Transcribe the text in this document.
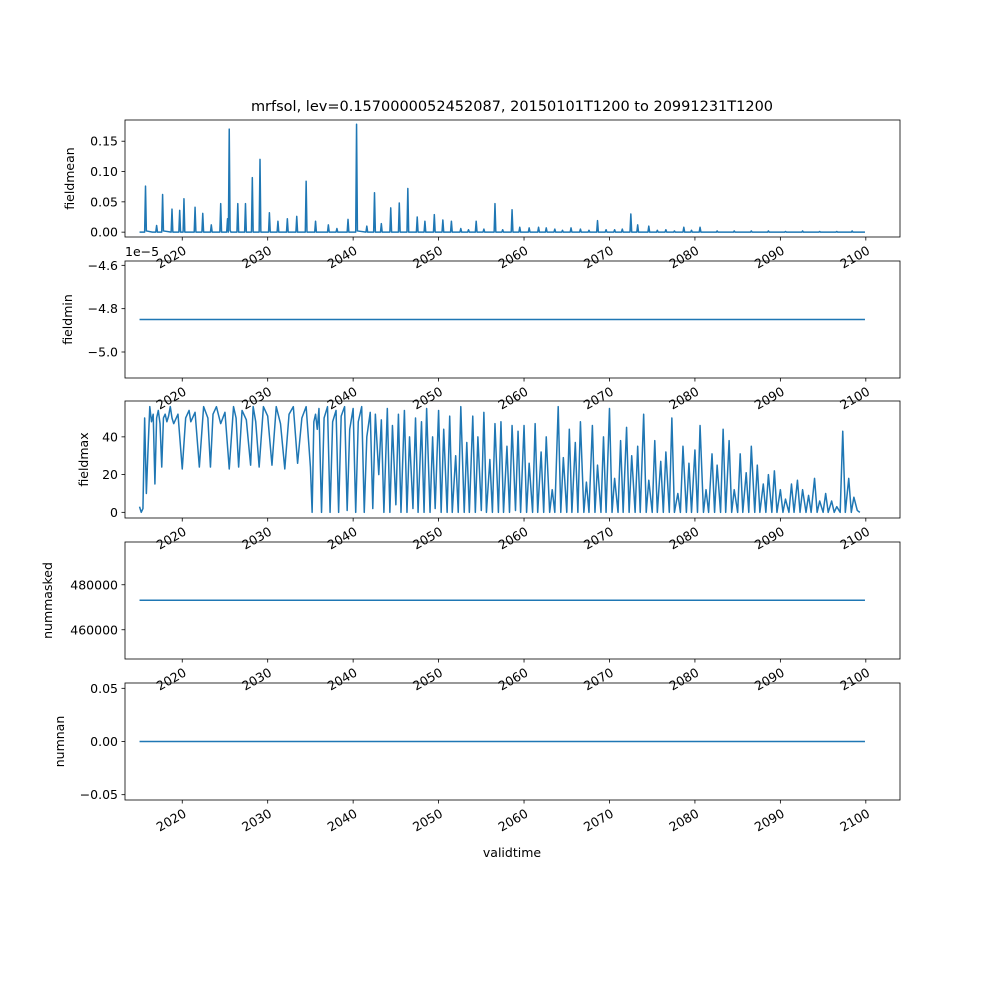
mrfsol, lev=0.1570000052452087, 20150101T1200 to 20991231T1200
validtime
0.00
0.05
0.10
0.15
fieldmean
2020	2030	2040	2050	2060	2070	2080	2090	2100
−5.0
−4.8
−4.6
fieldmin
1e−5
2020	2030	2040	2050	2060	2070	2080	2090	2100
0
20
40
fieldmax
2020	2030	2040	2050	2060	2070	2080	2090	2100
460000
480000
nummasked
2020	2030	2040	2050	2060	2070	2080	2090	2100
−0.05
0.00
0.05
numnan
2020	2030	2040	2050	2060	2070	2080	2090	2100
